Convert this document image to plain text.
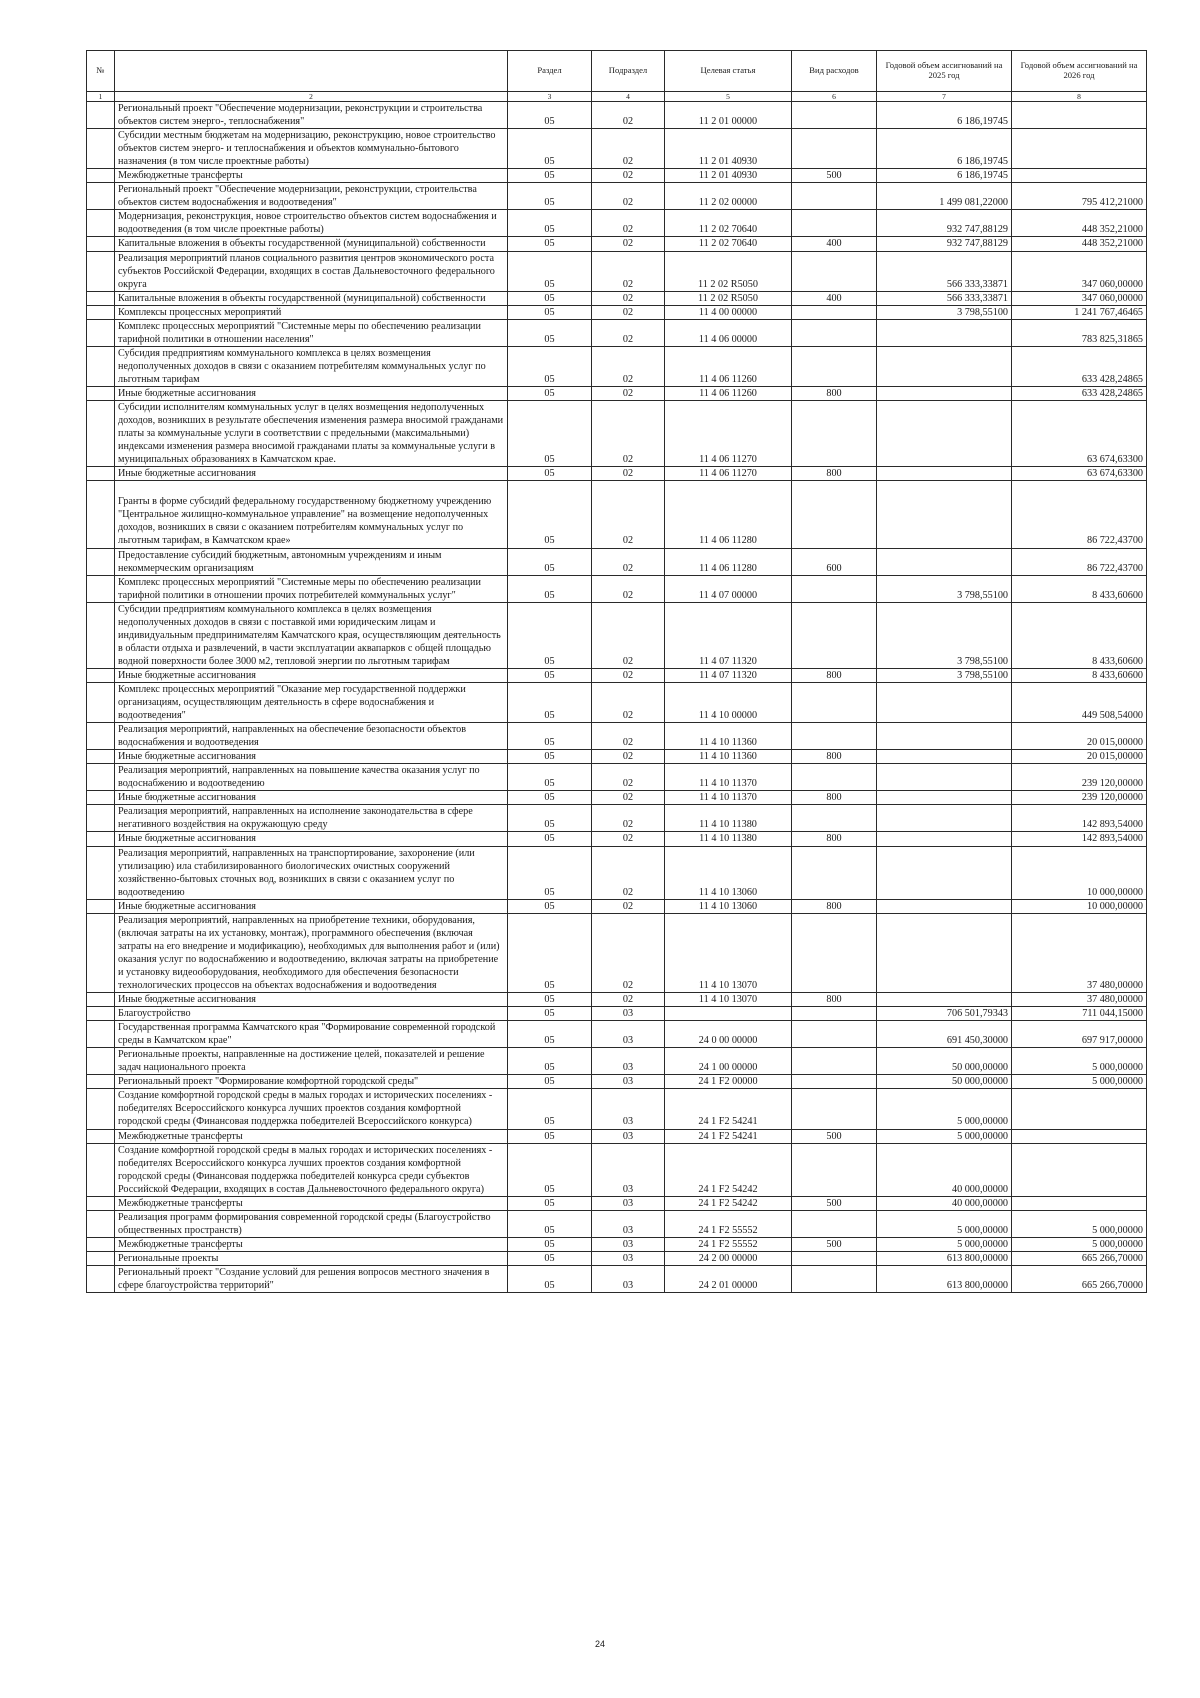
№		Раздел	Подраздел	Целевая статья	Вид расходов	Годовой объем ассигнований на 2025 год	Годовой объем ассигнований на 2026 год
1	2	3	4	5	6	7	8
	Региональный проект "Обеспечение модернизации, реконструкции и строительства объектов систем энерго-, теплоснабжения"	05	02	11 2 01 00000		6 186,19745	
	Субсидии местным бюджетам на модернизацию, реконструкцию, новое строительство объектов систем энерго- и теплоснабжения и объектов коммунально-бытового назначения (в том числе проектные работы)	05	02	11 2 01 40930		6 186,19745	
	Межбюджетные трансферты	05	02	11 2 01 40930	500	6 186,19745	
	Региональный проект "Обеспечение модернизации, реконструкции, строительства объектов систем водоснабжения и водоотведения"	05	02	11 2 02 00000		1 499 081,22000	795 412,21000
	Модернизация, реконструкция, новое строительство объектов систем водоснабжения и водоотведения (в том числе проектные работы)	05	02	11 2 02 70640		932 747,88129	448 352,21000
	Капитальные вложения в объекты государственной (муниципальной) собственности	05	02	11 2 02 70640	400	932 747,88129	448 352,21000
	Реализация мероприятий планов социального развития центров экономического роста субъектов Российской Федерации, входящих в состав Дальневосточного федерального округа	05	02	11 2 02 R5050		566 333,33871	347 060,00000
	Капитальные вложения в объекты государственной (муниципальной) собственности	05	02	11 2 02 R5050	400	566 333,33871	347 060,00000
	Комплексы процессных мероприятий	05	02	11 4 00 00000		3 798,55100	1 241 767,46465
	Комплекс процессных мероприятий "Системные меры по обеспечению реализации тарифной политики в отношении населения"	05	02	11 4 06 00000			783 825,31865
	Субсидия предприятиям коммунального комплекса в целях возмещения недополученных доходов в связи с оказанием потребителям коммунальных услуг по льготным тарифам	05	02	11 4 06 11260			633 428,24865
	Иные бюджетные ассигнования	05	02	11 4 06 11260	800		633 428,24865
	Субсидии исполнителям коммунальных услуг в целях возмещения недополученных доходов, возникших в результате обеспечения изменения размера вносимой гражданами платы за коммунальные услуги в соответствии с предельными (максимальными) индексами изменения размера вносимой гражданами платы за коммунальные услуги в муниципальных образованиях в Камчатском крае.	05	02	11 4 06 11270			63 674,63300
	Иные бюджетные ассигнования	05	02	11 4 06 11270	800		63 674,63300
	Гранты в форме субсидий федеральному государственному бюджетному учреждению "Центральное жилищно-коммунальное управление" на возмещение недополученных доходов, возникших в связи с оказанием потребителям коммунальных услуг по льготным тарифам, в Камчатском крае»	05	02	11 4 06 11280			86 722,43700
	Предоставление субсидий бюджетным, автономным учреждениям и иным некоммерческим организациям	05	02	11 4 06 11280	600		86 722,43700
	Комплекс процессных мероприятий "Системные меры по обеспечению реализации тарифной политики в отношении прочих потребителей коммунальных услуг"	05	02	11 4 07 00000		3 798,55100	8 433,60600
	Субсидии предприятиям коммунального комплекса в целях возмещения недополученных доходов в связи с поставкой ими юридическим лицам и индивидуальным предпринимателям Камчатского края, осуществляющим деятельность в области отдыха и развлечений, в части эксплуатации аквапарков с общей площадью водной поверхности более 3000 м2, тепловой энергии по льготным тарифам	05	02	11 4 07 11320		3 798,55100	8 433,60600
	Иные бюджетные ассигнования	05	02	11 4 07 11320	800	3 798,55100	8 433,60600
	Комплекс процессных мероприятий "Оказание мер государственной поддержки организациям, осуществляющим деятельность в сфере водоснабжения и водоотведения"	05	02	11 4 10 00000			449 508,54000
	Реализация мероприятий, направленных на обеспечение безопасности объектов водоснабжения и водоотведения	05	02	11 4 10 11360			20 015,00000
	Иные бюджетные ассигнования	05	02	11 4 10 11360	800		20 015,00000
	Реализация мероприятий, направленных на повышение качества оказания услуг по водоснабжению и водоотведению	05	02	11 4 10 11370			239 120,00000
	Иные бюджетные ассигнования	05	02	11 4 10 11370	800		239 120,00000
	Реализация мероприятий, направленных на исполнение законодательства в сфере негативного воздействия на окружающую среду	05	02	11 4 10 11380			142 893,54000
	Иные бюджетные ассигнования	05	02	11 4 10 11380	800		142 893,54000
	Реализация мероприятий, направленных на транспортирование, захоронение (или утилизацию) ила стабилизированного биологических очистных сооружений хозяйственно-бытовых сточных вод, возникших в связи с оказанием услуг по водоотведению	05	02	11 4 10 13060			10 000,00000
	Иные бюджетные ассигнования	05	02	11 4 10 13060	800		10 000,00000
	Реализация мероприятий, направленных на приобретение техники, оборудования, (включая затраты на их установку, монтаж), программного обеспечения (включая затраты на его внедрение и модификацию), необходимых для выполнения работ и (или) оказания услуг по водоснабжению и водоотведению, включая затраты на приобретение и установку видеооборудования, необходимого для обеспечения безопасности технологических процессов на объектах водоснабжения и водоотведения	05	02	11 4 10 13070			37 480,00000
	Иные бюджетные ассигнования	05	02	11 4 10 13070	800		37 480,00000
	Благоустройство	05	03			706 501,79343	711 044,15000
	Государственная программа Камчатского края "Формирование современной городской среды в Камчатском крае"	05	03	24 0 00 00000		691 450,30000	697 917,00000
	Региональные проекты, направленные на достижение целей, показателей и решение задач национального проекта	05	03	24 1 00 00000		50 000,00000	5 000,00000
	Региональный проект "Формирование комфортной городской среды"	05	03	24 1 F2 00000		50 000,00000	5 000,00000
	Создание комфортной городской среды в малых городах и исторических поселениях - победителях Всероссийского конкурса лучших проектов создания комфортной городской среды (Финансовая поддержка победителей Всероссийского конкурса)	05	03	24 1 F2 54241		5 000,00000	
	Межбюджетные трансферты	05	03	24 1 F2 54241	500	5 000,00000	
	Создание комфортной городской среды в малых городах и исторических поселениях - победителях Всероссийского конкурса лучших проектов создания комфортной городской среды (Финансовая поддержка победителей конкурса среди субъектов Российской Федерации, входящих в состав Дальневосточного федерального округа)	05	03	24 1 F2 54242		40 000,00000	
	Межбюджетные трансферты	05	03	24 1 F2 54242	500	40 000,00000	
	Реализация программ формирования современной городской среды (Благоустройство общественных пространств)	05	03	24 1 F2 55552		5 000,00000	5 000,00000
	Межбюджетные трансферты	05	03	24 1 F2 55552	500	5 000,00000	5 000,00000
	Региональные проекты	05	03	24 2 00 00000		613 800,00000	665 266,70000
	Региональный проект "Создание условий для решения вопросов местного значения в сфере благоустройства территорий"	05	03	24 2 01 00000		613 800,00000	665 266,70000
24
